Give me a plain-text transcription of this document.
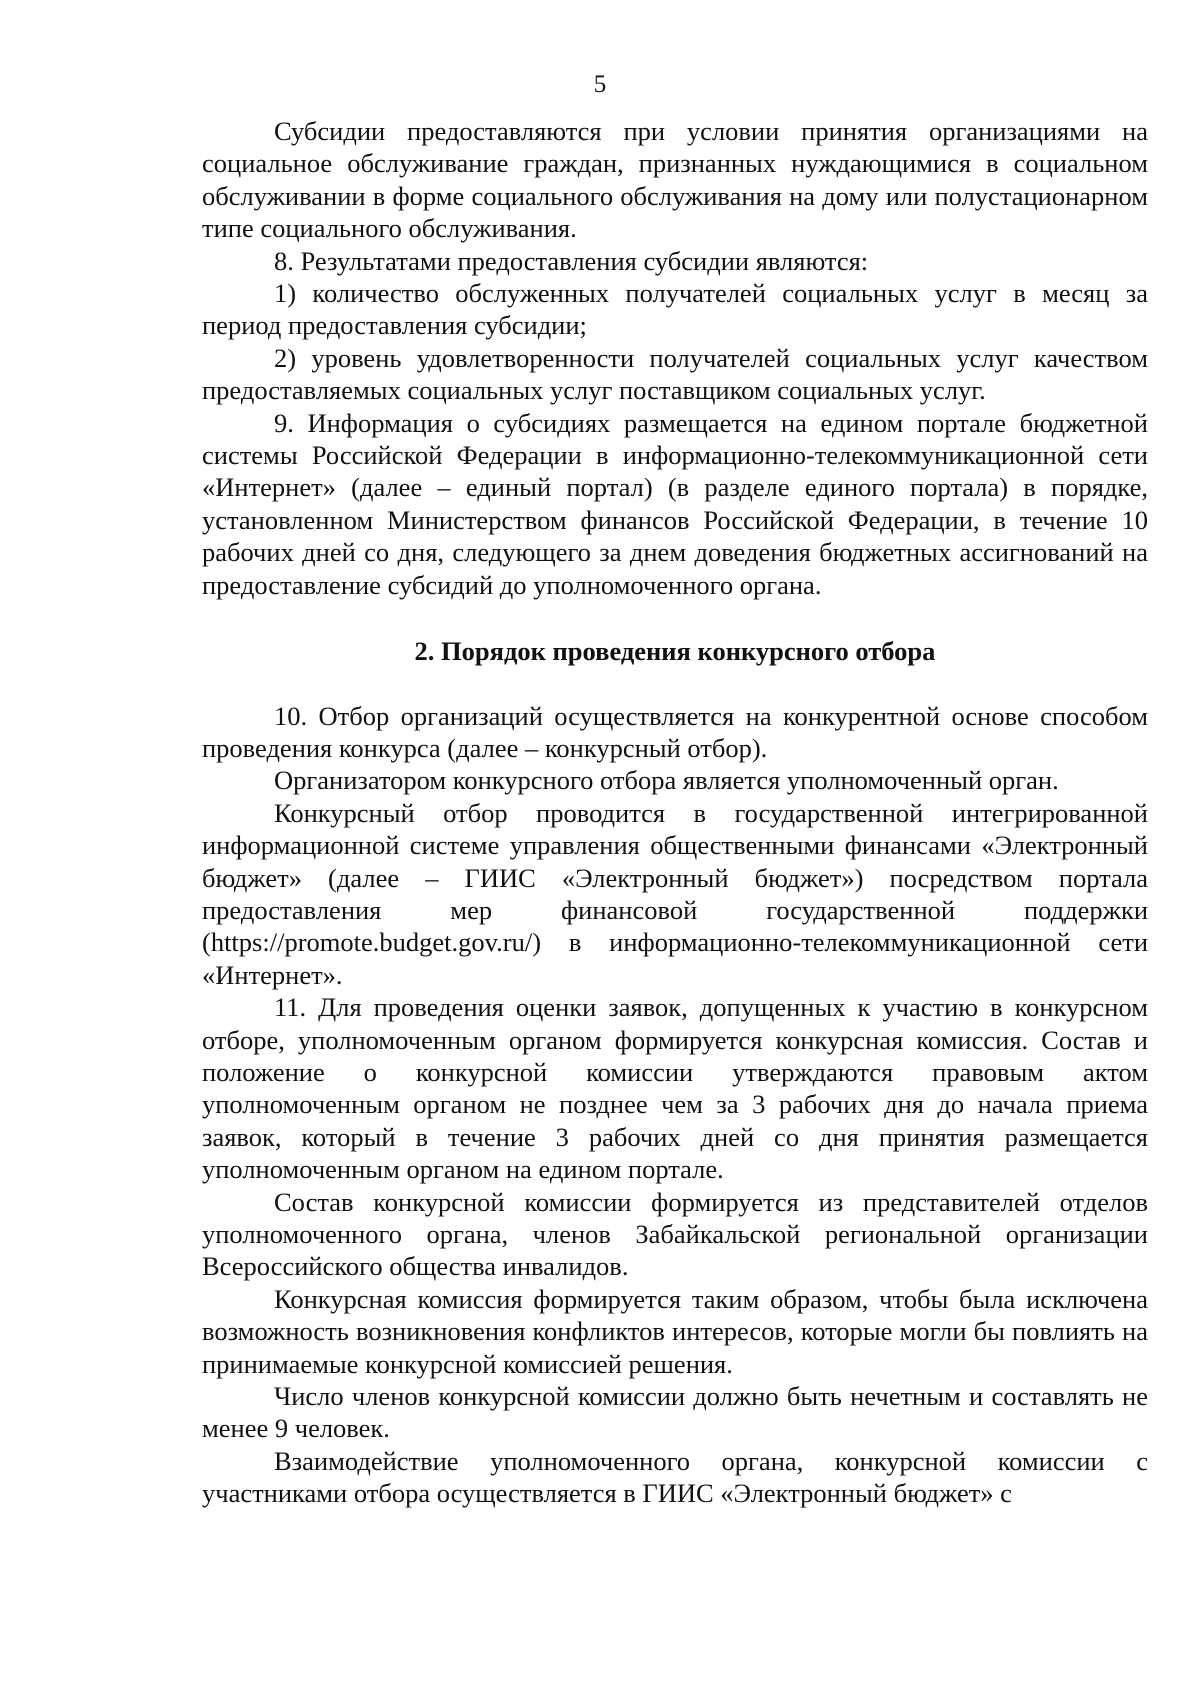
5

Субсидии предоставляются при условии принятия организациями на социальное обслуживание граждан, признанных нуждающимися в социальном обслуживании в форме социального обслуживания на дому или полустационарном типе социального обслуживания.

8. Результатами предоставления субсидии являются:

1) количество обслуженных получателей социальных услуг в месяц за период предоставления субсидии;

2) уровень удовлетворенности получателей социальных услуг качеством предоставляемых социальных услуг поставщиком социальных услуг.

9. Информация о субсидиях размещается на едином портале бюджетной системы Российской Федерации в информационно-телекоммуникационной сети «Интернет» (далее – единый портал) (в разделе единого портала) в порядке, установленном Министерством финансов Российской Федерации, в течение 10 рабочих дней со дня, следующего за днем доведения бюджетных ассигнований на предоставление субсидий до уполномоченного органа.

2. Порядок проведения конкурсного отбора

10. Отбор организаций осуществляется на конкурентной основе способом проведения конкурса (далее – конкурсный отбор).

Организатором конкурсного отбора является уполномоченный орган.

Конкурсный отбор проводится в государственной интегрированной информационной системе управления общественными финансами «Электронный бюджет» (далее – ГИИС «Электронный бюджет») посредством портала предоставления мер финансовой государственной поддержки (https://promote.budget.gov.ru/) в информационно-телекоммуникационной сети «Интернет».

11. Для проведения оценки заявок, допущенных к участию в конкурсном отборе, уполномоченным органом формируется конкурсная комиссия. Состав и положение о конкурсной комиссии утверждаются правовым актом уполномоченным органом не позднее чем за 3 рабочих дня до начала приема заявок, который в течение 3 рабочих дней со дня принятия размещается уполномоченным органом на едином портале.

Состав конкурсной комиссии формируется из представителей отделов уполномоченного органа, членов Забайкальской региональной организации Всероссийского общества инвалидов.

Конкурсная комиссия формируется таким образом, чтобы была исключена возможность возникновения конфликтов интересов, которые могли бы повлиять на принимаемые конкурсной комиссией решения.

Число членов конкурсной комиссии должно быть нечетным и составлять не менее 9 человек.

Взаимодействие уполномоченного органа, конкурсной комиссии с участниками отбора осуществляется в ГИИС «Электронный бюджет» с
